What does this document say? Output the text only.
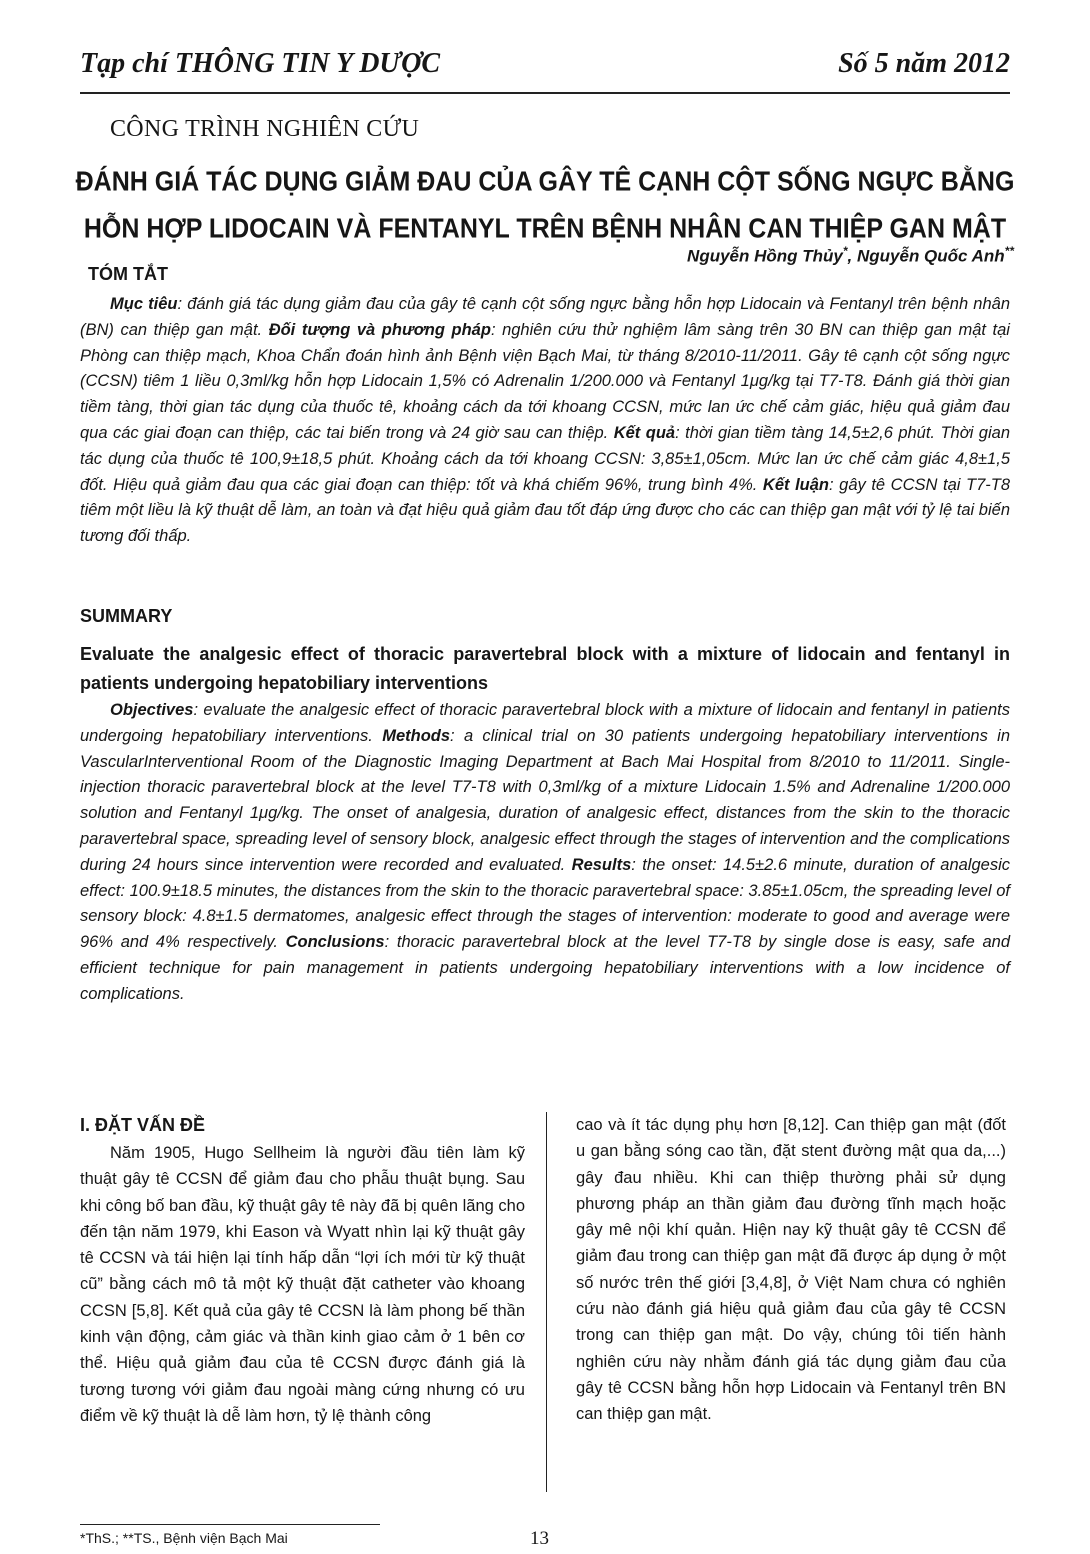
Tạp chí THÔNG TIN Y DƯỢC	Số 5 năm 2012
CÔNG TRÌNH NGHIÊN CỨU
ĐÁNH GIÁ TÁC DỤNG GIẢM ĐAU CỦA GÂY TÊ CẠNH CỘT SỐNG NGỰC BẰNG
HỖN HỢP LIDOCAIN VÀ FENTANYL TRÊN BỆNH NHÂN CAN THIỆP GAN MẬT
Nguyễn Hồng Thủy*, Nguyễn Quốc Anh**
TÓM TẮT
Mục tiêu: đánh giá tác dụng giảm đau của gây tê cạnh cột sống ngực bằng hỗn hợp Lidocain và Fentanyl trên bệnh nhân (BN) can thiệp gan mật. Đối tượng và phương pháp: nghiên cứu thử nghiệm lâm sàng trên 30 BN can thiệp gan mật tại Phòng can thiệp mạch, Khoa Chẩn đoán hình ảnh Bệnh viện Bạch Mai, từ tháng 8/2010-11/2011. Gây tê cạnh cột sống ngực (CCSN) tiêm 1 liều 0,3ml/kg hỗn hợp Lidocain 1,5% có Adrenalin 1/200.000 và Fentanyl 1μg/kg tại T7-T8. Đánh giá thời gian tiềm tàng, thời gian tác dụng của thuốc tê, khoảng cách da tới khoang CCSN, mức lan ức chế cảm giác, hiệu quả giảm đau qua các giai đoạn can thiệp, các tai biến trong và 24 giờ sau can thiệp. Kết quả: thời gian tiềm tàng 14,5±2,6 phút. Thời gian tác dụng của thuốc tê 100,9±18,5 phút. Khoảng cách da tới khoang CCSN: 3,85±1,05cm. Mức lan ức chế cảm giác 4,8±1,5 đốt. Hiệu quả giảm đau qua các giai đoạn can thiệp: tốt và khá chiếm 96%, trung bình 4%. Kết luận: gây tê CCSN tại T7-T8 tiêm một liều là kỹ thuật dễ làm, an toàn và đạt hiệu quả giảm đau tốt đáp ứng được cho các can thiệp gan mật với tỷ lệ tai biến tương đối thấp.
SUMMARY
Evaluate the analgesic effect of thoracic paravertebral block with a mixture of lidocain and fentanyl in patients undergoing hepatobiliary interventions
Objectives: evaluate the analgesic effect of thoracic paravertebral block with a mixture of lidocain and fentanyl in patients undergoing hepatobiliary interventions. Methods: a clinical trial on 30 patients undergoing hepatobiliary interventions in VascularInterventional Room of the Diagnostic Imaging Department at Bach Mai Hospital from 8/2010 to 11/2011. Single-injection thoracic paravertebral block at the level T7-T8 with 0,3ml/kg of a mixture Lidocain 1.5% and Adrenaline 1/200.000 solution and Fentanyl 1μg/kg. The onset of analgesia, duration of analgesic effect, distances from the skin to the thoracic paravertebral space, spreading level of sensory block, analgesic effect through the stages of intervention and the complications during 24 hours since intervention were recorded and evaluated. Results: the onset: 14.5±2.6 minute, duration of analgesic effect: 100.9±18.5 minutes, the distances from the skin to the thoracic paravertebral space: 3.85±1.05cm, the spreading level of sensory block: 4.8±1.5 dermatomes, analgesic effect through the stages of intervention: moderate to good and average were 96% and 4% respectively. Conclusions: thoracic paravertebral block at the level T7-T8 by single dose is easy, safe and efficient technique for pain management in patients undergoing hepatobiliary interventions with a low incidence of complications.
I. ĐẶT VẤN ĐỀ

Năm 1905, Hugo Sellheim là người đầu tiên làm kỹ thuật gây tê CCSN để giảm đau cho phẫu thuật bụng. Sau khi công bố ban đầu, kỹ thuật gây tê này đã bị quên lãng cho đến tận năm 1979, khi Eason và Wyatt nhìn lại kỹ thuật gây tê CCSN và tái hiện lại tính hấp dẫn “lợi ích mới từ kỹ thuật cũ” bằng cách mô tả một kỹ thuật đặt catheter vào khoang CCSN [5,8]. Kết quả của gây tê CCSN là làm phong bế thần kinh vận động, cảm giác và thần kinh giao cảm ở 1 bên cơ thể. Hiệu quả giảm đau của tê CCSN được đánh giá là tương tương với giảm đau ngoài màng cứng nhưng có ưu điểm về kỹ thuật là dễ làm hơn, tỷ lệ thành công

cao và ít tác dụng phụ hơn [8,12]. Can thiệp gan mật (đốt u gan bằng sóng cao tần, đặt stent đường mật qua da,...) gây đau nhiều. Khi can thiệp thường phải sử dụng phương pháp an thần giảm đau đường tĩnh mạch hoặc gây mê nội khí quản. Hiện nay kỹ thuật gây tê CCSN để giảm đau trong can thiệp gan mật đã được áp dụng ở một số nước trên thế giới [3,4,8], ở Việt Nam chưa có nghiên cứu nào đánh giá hiệu quả giảm đau của gây tê CCSN trong can thiệp gan mật. Do vậy, chúng tôi tiến hành nghiên cứu này nhằm đánh giá tác dụng giảm đau của gây tê CCSN bằng hỗn hợp Lidocain và Fentanyl trên BN can thiệp gan mật.

*ThS.; **TS., Bệnh viện Bạch Mai	13
